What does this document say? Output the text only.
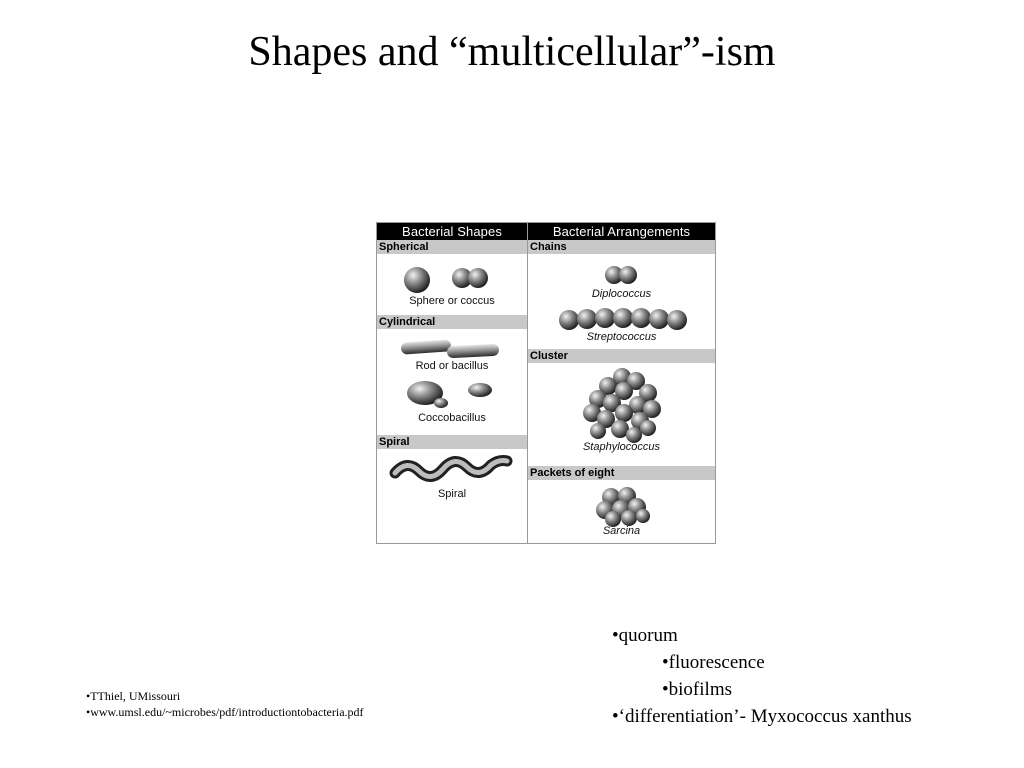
Shapes and “multicellular”-ism
Bacterial Shapes
Spherical
Sphere or coccus
Cylindrical
Rod or bacillus
Coccobacillus
Spiral
Spiral
Bacterial Arrangements
Chains
Diplococcus
Streptococcus
Cluster
Staphylococcus
Packets of eight
Sarcina
•TThiel, UMissouri
•www.umsl.edu/~microbes/pdf/introductiontobacteria.pdf
•quorum
•fluorescence
•biofilms
•‘differentiation’- Myxococcus xanthus
